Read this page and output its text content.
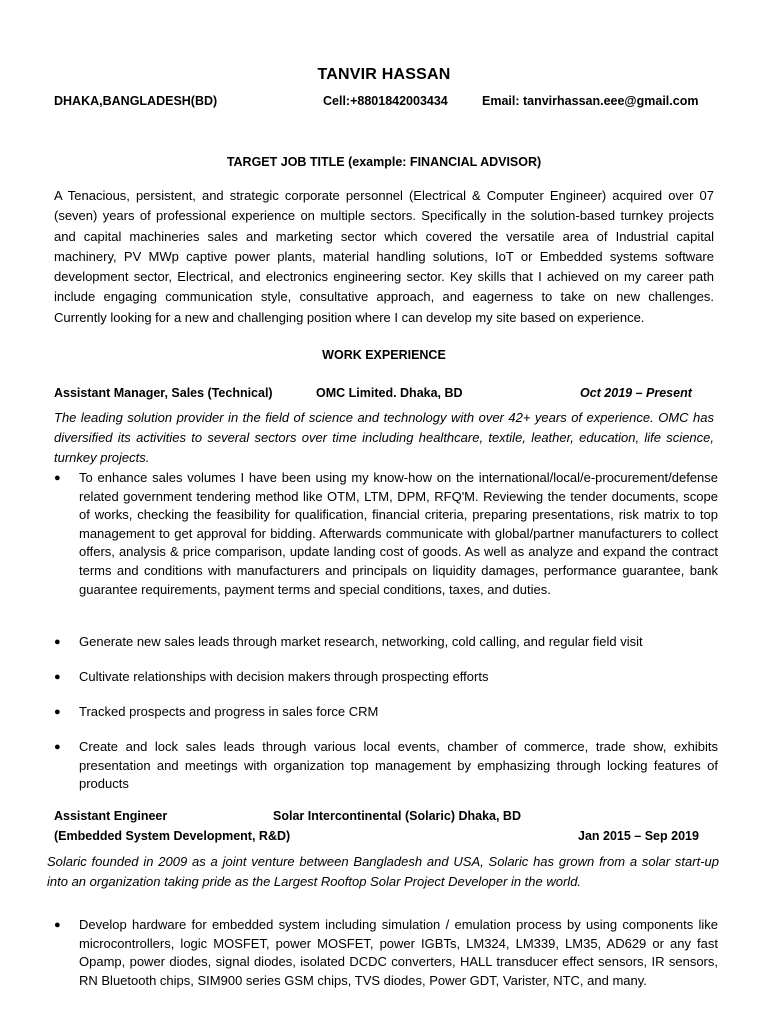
TANVIR HASSAN
DHAKA,BANGLADESH(BD)	Cell:+8801842003434	Email: tanvirhassan.eee@gmail.com
TARGET JOB TITLE (example: FINANCIAL ADVISOR)
A Tenacious, persistent, and strategic corporate personnel (Electrical & Computer Engineer) acquired over 07 (seven) years of professional experience on multiple sectors. Specifically in the solution-based turnkey projects and capital machineries sales and marketing sector which covered the versatile area of Industrial capital machinery, PV MWp captive power plants, material handling solutions, IoT or Embedded systems software development sector, Electrical, and electronics engineering sector. Key skills that I achieved on my career path include engaging communication style, consultative approach, and eagerness to take on new challenges. Currently looking for a new and challenging position where I can develop my site based on experience.
WORK EXPERIENCE
Assistant Manager, Sales (Technical)	OMC Limited. Dhaka, BD	Oct 2019 – Present
The leading solution provider in the field of science and technology with over 42+ years of experience. OMC has diversified its activities to several sectors over time including healthcare, textile, leather, education, life science, turnkey projects.
● To enhance sales volumes I have been using my know-how on the international/local/e-procurement/defense related government tendering method like OTM, LTM, DPM, RFQ'M. Reviewing the tender documents, scope of works, checking the feasibility for qualification, financial criteria, preparing presentations, risk matrix to top management to get approval for bidding. Afterwards communicate with global/partner manufacturers to collect offers, analysis & price comparison, update landing cost of goods. As well as analyze and expand the contract terms and conditions with manufacturers and principals on liquidity damages, performance guarantee, bank guarantee requirements, payment terms and special conditions, taxes, and duties.
● Generate new sales leads through market research, networking, cold calling, and regular field visit
● Cultivate relationships with decision makers through prospecting efforts
● Tracked prospects and progress in sales force CRM
● Create and lock sales leads through various local events, chamber of commerce, trade show, exhibits presentation and meetings with organization top management by emphasizing through locking features of products
Assistant Engineer	Solar Intercontinental (Solaric) Dhaka, BD
(Embedded System Development, R&D)	Jan 2015 – Sep 2019
Solaric founded in 2009 as a joint venture between Bangladesh and USA, Solaric has grown from a solar start-up into an organization taking pride as the Largest Rooftop Solar Project Developer in the world.
● Develop hardware for embedded system including simulation / emulation process by using components like microcontrollers, logic MOSFET, power MOSFET, power IGBTs, LM324, LM339, LM35, AD629 or any fast Opamp, power diodes, signal diodes, isolated DCDC converters, HALL transducer effect sensors, IR sensors, RN Bluetooth chips, SIM900 series GSM chips, TVS diodes, Power GDT, Varister, NTC, and many.
